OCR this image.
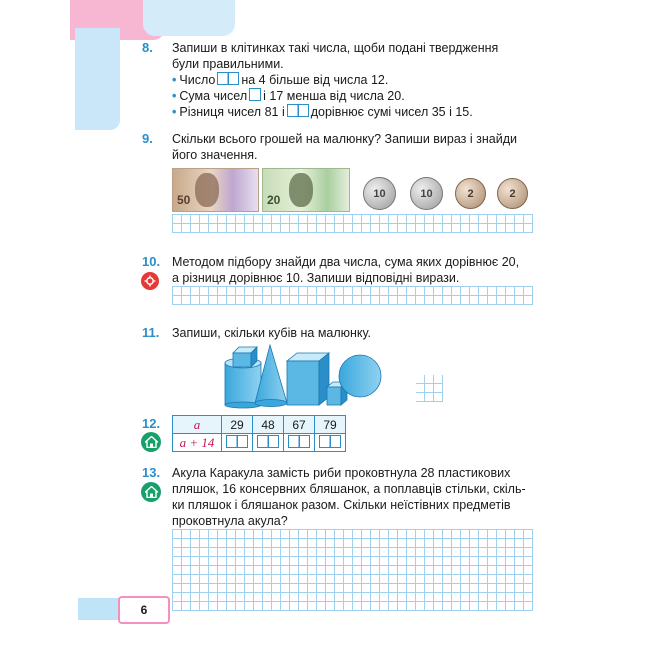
8. Запиши в клітинках такі числа, щоби подані твердження
були правильними.
• Число на 4 більше від числа 12.
• Сума чисел і 17 менша від числа 20.
• Різниця чисел 81 і дорівнює сумі чисел 35 і 15.
9. Скільки всього грошей на малюнку? Запиши вираз і знайди
його значення.
50	20	10	10	2	2
10. Методом підбору знайди два числа, сума яких дорівнює 20,
а різниця дорівнює 10. Запиши відповідні вирази.
11. Запиши, скільки кубів на малюнку.
12.	a	29	48	67	79
a + 14				
13. Акула Каракула замість риби проковтнула 28 пластикових
пляшок, 16 консервних бляшанок, а поплавців стільки, скіль-
ки пляшок і бляшанок разом. Скільки неїстівних предметів
проковтнула акула?
6
